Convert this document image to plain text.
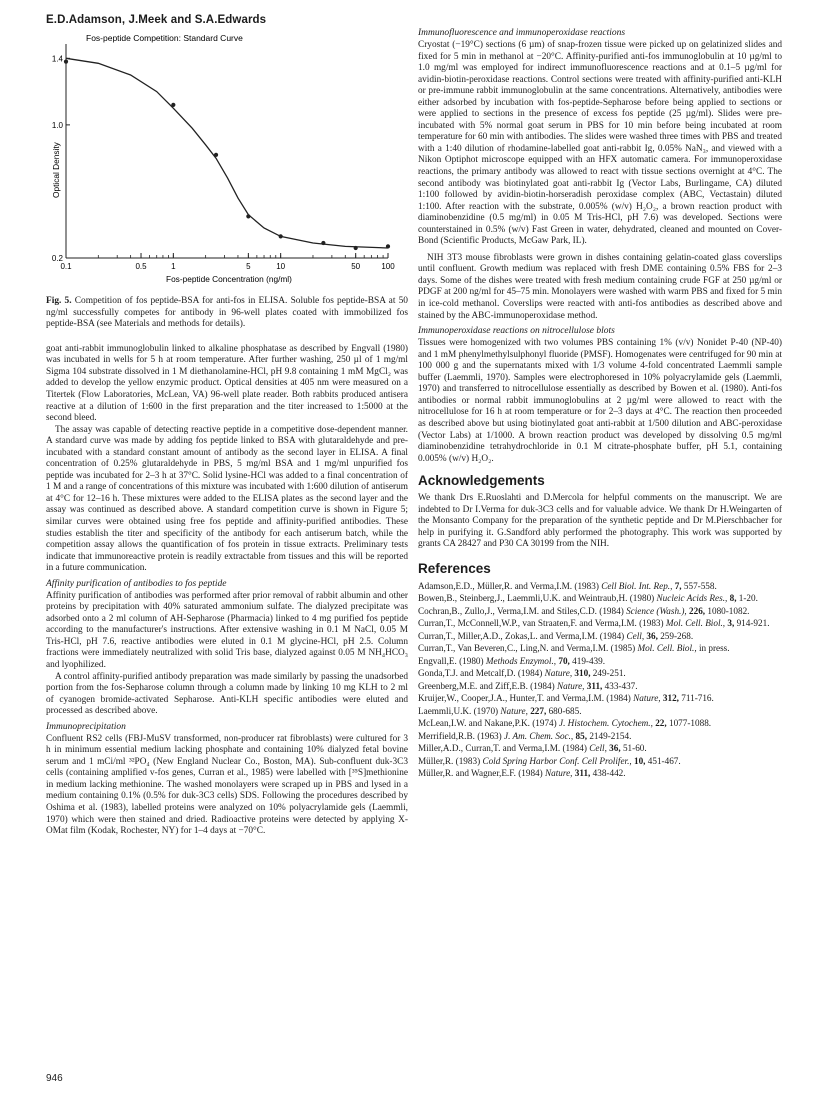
E.D.Adamson, J.Meek and S.A.Edwards
Fos-peptide Competition: Standard Curve
0.1	0.5	1	5	10	50	100
0.2
1.0
1.4
Fos-peptide Concentration (ng/ml)
Optical Density
Fig. 5. Competition of fos peptide-BSA for anti-fos in ELISA. Soluble fos peptide-BSA at 50 ng/ml successfully competes for antibody in 96-well plates coated with immobilized fos peptide-BSA (see Materials and methods for details).

goat anti-rabbit immunoglobulin linked to alkaline phosphatase as described by Engvall (1980) was incubated in wells for 5 h at room temperature. After further washing, 250 µl of 1 mg/ml Sigma 104 substrate dissolved in 1 M diethanolamine-HCl, pH 9.8 containing 1 mM MgCl₂ was added to develop the yellow enzymic product. Optical densities at 405 nm were measured on a Titertek (Flow Laboratories, McLean, VA) 96-well plate reader. Both rabbits produced antisera reactive at a dilution of 1:600 in the first preparation and the titer increased to 1:5000 at the second bleed.

The assay was capable of detecting reactive peptide in a competitive dose-dependent manner. A standard curve was made by adding fos peptide linked to BSA with glutaraldehyde and pre-incubated with a standard constant amount of antibody as the second layer in ELISA. A final concentration of 0.25% glutaraldehyde in PBS, 5 mg/ml BSA and 1 mg/ml unpurified fos peptide was incubated for 2–3 h at 37°C. Solid lysine-HCl was added to a final concentration of 1 M and a range of concentrations of this mixture was incubated with 1:600 dilution of antiserum at 4°C for 12–16 h. These mixtures were added to the ELISA plates as the second layer and the assay was continued as described above. A standard competition curve is shown in Figure 5; similar curves were obtained using free fos peptide and affinity-purified antibodies. These studies establish the titer and specificity of the antibody for each antiserum batch, while the competition assay allows the quantification of fos protein in tissue extracts. Preliminary tests indicate that immunoreactive protein is readily extractable from tissues and this will be reported in a future communication.

Affinity purification of antibodies to fos peptide

Affinity purification of antibodies was performed after prior removal of rabbit albumin and other proteins by precipitation with 40% saturated ammonium sulfate. The dialyzed precipitate was adsorbed onto a 2 ml column of AH-Sepharose (Pharmacia) linked to 4 mg purified fos peptide according to the manufacturer's instructions. After extensive washing in 0.1 M NaCl, 0.05 M Tris-HCl, pH 7.6, reactive antibodies were eluted in 0.1 M glycine-HCl, pH 2.5. Column fractions were immediately neutralized with solid Tris base, dialyzed against 0.05 M NH₄HCO₃ and lyophilized.

A control affinity-purified antibody preparation was made similarly by passing the unadsorbed portion from the fos-Sepharose column through a column made by linking 10 mg KLH to 2 ml of cyanogen bromide-activated Sepharose. Anti-KLH specific antibodies were eluted and processed as described above.

Immunoprecipitation

Confluent RS2 cells (FBJ-MuSV transformed, non-producer rat fibroblasts) were cultured for 3 h in minimum essential medium lacking phosphate and containing 10% dialyzed fetal bovine serum and 1 mCi/ml ³²PO₄ (New England Nuclear Co., Boston, MA). Sub-confluent duk-3C3 cells (containing amplified v-fos genes, Curran et al., 1985) were labelled with [³⁵S]methionine in medium lacking methionine. The washed monolayers were scraped up in PBS and lysed in a medium containing 0.1% (0.5% for duk-3C3 cells) SDS. Following the procedures described by Oshima et al. (1983), labelled proteins were analyzed on 10% polyacrylamide gels (Laemmli, 1970) which were then stained and dried. Radioactive proteins were detected by applying X-OMat film (Kodak, Rochester, NY) for 1–4 days at −70°C.

Immunofluorescence and immunoperoxidase reactions

Cryostat (−19°C) sections (6 µm) of snap-frozen tissue were picked up on gelatinized slides and fixed for 5 min in methanol at −20°C. Affinity-purified anti-fos immunoglobulin at 10 µg/ml to 1.0 mg/ml was employed for indirect immunofluorescence reactions and at 0.1–5 µg/ml for avidin-biotin-peroxidase reactions. Control sections were treated with affinity-purified anti-KLH or pre-immune rabbit immunoglobulin at the same concentrations. Alternatively, antibodies were either adsorbed by incubation with fos-peptide-Sepharose before being applied to sections or were applied to sections in the presence of excess fos peptide (25 µg/ml). Slides were pre-incubated with 5% normal goat serum in PBS for 10 min before being incubated at room temperature for 60 min with antibodies. The slides were washed three times with PBS and treated with a 1:40 dilution of rhodamine-labelled goat anti-rabbit Ig, 0.05% NaN₃, and viewed with a Nikon Optiphot microscope equipped with an HFX automatic camera. For immunoperoxidase reactions, the primary antibody was allowed to react with tissue sections overnight at 4°C. The second antibody was biotinylated goat anti-rabbit Ig (Vector Labs, Burlingame, CA) diluted 1:100 followed by avidin-biotin-horseradish peroxidase complex (ABC, Vectastain) diluted 1:100. After reaction with the substrate, 0.005% (w/v) H₂O₂, a brown reaction product with diaminobenzidine (0.5 mg/ml) in 0.05 M Tris-HCl, pH 7.6) was developed. Sections were counterstained in 0.5% (w/v) Fast Green in water, dehydrated, cleaned and mounted on Cover-Bond (Scientific Products, McGaw Park, IL).

NIH 3T3 mouse fibroblasts were grown in dishes containing gelatin-coated glass coverslips until confluent. Growth medium was replaced with fresh DME containing 0.5% FBS for 2–3 days. Some of the dishes were treated with fresh medium containing crude FGF at 250 µg/ml or PDGF at 200 ng/ml for 45–75 min. Monolayers were washed with warm PBS and fixed for 5 min in ice-cold methanol. Coverslips were reacted with anti-fos antibodies as described above and stained by the ABC-immunoperoxidase method.

Immunoperoxidase reactions on nitrocellulose blots

Tissues were homogenized with two volumes PBS containing 1% (v/v) Nonidet P-40 (NP-40) and 1 mM phenylmethylsulphonyl fluoride (PMSF). Homogenates were centrifuged for 90 min at 100 000 g and the supernatants mixed with 1/3 volume 4-fold concentrated Laemmli sample buffer (Laemmli, 1970). Samples were electrophoresed in 10% polyacrylamide gels (Laemmli, 1970) and transferred to nitrocellulose essentially as described by Bowen et al. (1980). Anti-fos antibodies or normal rabbit immunoglobulins at 2 µg/ml were allowed to react with the nitrocellulose for 16 h at room temperature or for 2–3 days at 4°C. The reaction then proceeded as described above but using biotinylated goat anti-rabbit at 1/500 dilution and ABC-peroxidase (Vector Labs) at 1/1000. A brown reaction product was developed by dissolving 0.5 mg/ml diaminobenzidine tetrahydrochloride in 0.1 M citrate-phosphate buffer, pH 5.1, containing 0.005% (w/v) H₂O₂.

Acknowledgements

We thank Drs E.Ruoslahti and D.Mercola for helpful comments on the manuscript. We are indebted to Dr I.Verma for duk-3C3 cells and for valuable advice. We thank Dr H.Weingarten of the Monsanto Company for the preparation of the synthetic peptide and Dr M.Pierschbacher for help in purifying it. G.Sandford ably performed the photography. This work was supported by grants CA 28427 and P30 CA 30199 from the NIH.

References
Adamson,E.D., Müller,R. and Verma,I.M. (1983) Cell Biol. Int. Rep., 7, 557-558.
Bowen,B., Steinberg,J., Laemmli,U.K. and Weintraub,H. (1980) Nucleic Acids Res., 8, 1-20.
Cochran,B., Zullo,J., Verma,I.M. and Stiles,C.D. (1984) Science (Wash.), 226, 1080-1082.
Curran,T., McConnell,W.P., van Straaten,F. and Verma,I.M. (1983) Mol. Cell. Biol., 3, 914-921.
Curran,T., Miller,A.D., Zokas,L. and Verma,I.M. (1984) Cell, 36, 259-268.
Curran,T., Van Beveren,C., Ling,N. and Verma,I.M. (1985) Mol. Cell. Biol., in press.
Engvall,E. (1980) Methods Enzymol., 70, 419-439.
Gonda,T.J. and Metcalf,D. (1984) Nature, 310, 249-251.
Greenberg,M.E. and Ziff,E.B. (1984) Nature, 311, 433-437.
Kruijer,W., Cooper,J.A., Hunter,T. and Verma,I.M. (1984) Nature, 312, 711-716.
Laemmli,U.K. (1970) Nature, 227, 680-685.
McLean,I.W. and Nakane,P.K. (1974) J. Histochem. Cytochem., 22, 1077-1088.
Merrifield,R.B. (1963) J. Am. Chem. Soc., 85, 2149-2154.
Miller,A.D., Curran,T. and Verma,I.M. (1984) Cell, 36, 51-60.
Müller,R. (1983) Cold Spring Harbor Conf. Cell Prolifer., 10, 451-467.
Müller,R. and Wagner,E.F. (1984) Nature, 311, 438-442.
946
